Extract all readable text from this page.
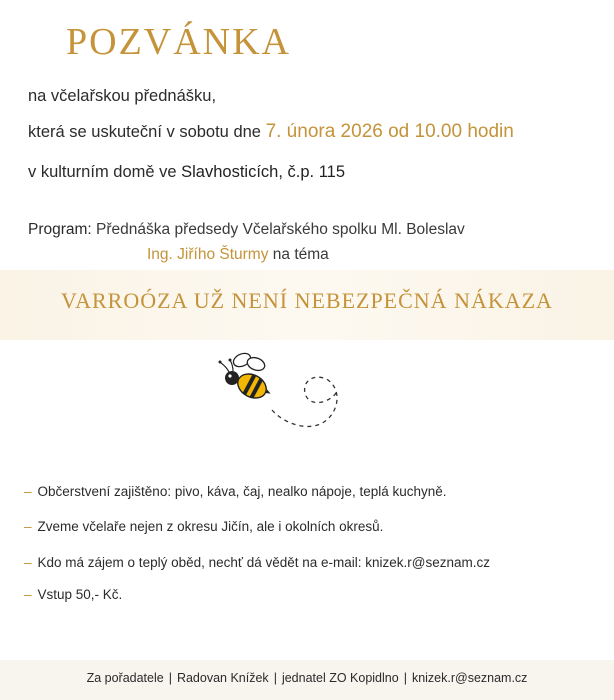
POZVÁNKA
na včelařskou přednášku,
která se uskuteční v sobotu dne 7. února 2026 od 10.00 hodin
v kulturním domě ve Slavhosticích, č.p. 115
Program: Přednáška předsedy Včelařského spolku Ml. Boleslav
Ing. Jiřího Šturmy na téma
VARROÓZA UŽ NENÍ NEBEZPEČNÁ NÁKAZA
– Občerstvení zajištěno: pivo, káva, čaj, nealko nápoje, teplá kuchyně.
– Zveme včelaře nejen z okresu Jičín, ale i okolních okresů.
– Kdo má zájem o teplý oběd, nechť dá vědět na e-mail: knizek.r@seznam.cz
– Vstup 50,- Kč.
Za pořadatele | Radovan Knížek | jednatel ZO Kopidlno | knizek.r@seznam.cz
